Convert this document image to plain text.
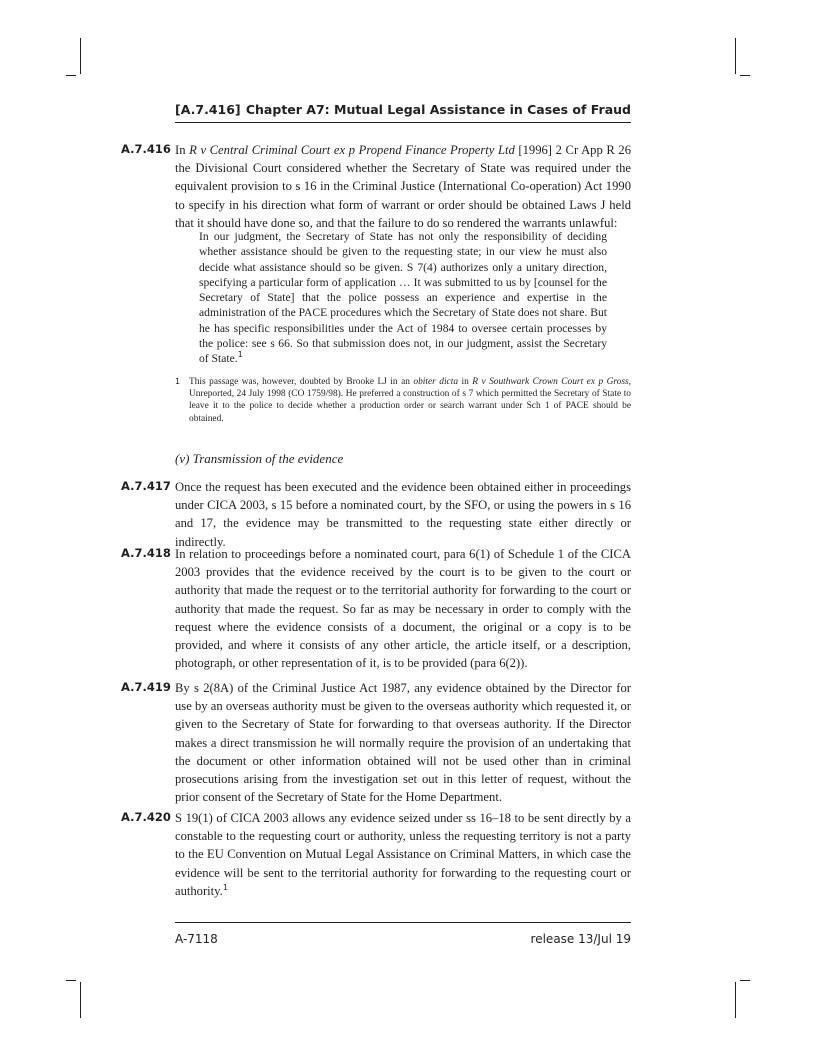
[A.7.416] Chapter A7: Mutual Legal Assistance in Cases of Fraud
A.7.416 In R v Central Criminal Court ex p Propend Finance Property Ltd [1996] 2 Cr App R 26 the Divisional Court considered whether the Secretary of State was required under the equivalent provision to s 16 in the Criminal Justice (International Co-operation) Act 1990 to specify in his direction what form of warrant or order should be obtained Laws J held that it should have done so, and that the failure to do so rendered the warrants unlawful:
In our judgment, the Secretary of State has not only the responsibility of deciding whether assistance should be given to the requesting state; in our view he must also decide what assistance should so be given. S 7(4) authorizes only a unitary direction, specifying a particular form of application … It was submitted to us by [counsel for the Secretary of State] that the police possess an experience and expertise in the administration of the PACE procedures which the Secretary of State does not share. But he has specific responsibilities under the Act of 1984 to oversee certain processes by the police: see s 66. So that submission does not, in our judgment, assist the Secretary of State.$^1$
1 This passage was, however, doubted by Brooke LJ in an obiter dicta in R v Southwark Crown Court ex p Gross, Unreported, 24 July 1998 (CO 1759/98). He preferred a construction of s 7 which permitted the Secretary of State to leave it to the police to decide whether a production order or search warrant under Sch 1 of PACE should be obtained.
(v) Transmission of the evidence
A.7.417 Once the request has been executed and the evidence been obtained either in proceedings under CICA 2003, s 15 before a nominated court, by the SFO, or using the powers in s 16 and 17, the evidence may be transmitted to the requesting state either directly or indirectly.
A.7.418 In relation to proceedings before a nominated court, para 6(1) of Schedule 1 of the CICA 2003 provides that the evidence received by the court is to be given to the court or authority that made the request or to the territorial authority for forwarding to the court or authority that made the request. So far as may be necessary in order to comply with the request where the evidence consists of a document, the original or a copy is to be provided, and where it consists of any other article, the article itself, or a description, photograph, or other representation of it, is to be provided (para 6(2)).
A.7.419 By s 2(8A) of the Criminal Justice Act 1987, any evidence obtained by the Director for use by an overseas authority must be given to the overseas authority which requested it, or given to the Secretary of State for forwarding to that overseas authority. If the Director makes a direct transmission he will normally require the provision of an undertaking that the document or other information obtained will not be used other than in criminal prosecutions arising from the investigation set out in this letter of request, without the prior consent of the Secretary of State for the Home Department.
A.7.420 S 19(1) of CICA 2003 allows any evidence seized under ss 16–18 to be sent directly by a constable to the requesting court or authority, unless the requesting territory is not a party to the EU Convention on Mutual Legal Assistance on Criminal Matters, in which case the evidence will be sent to the territorial authority for forwarding to the requesting court or authority.$^1$
A-7118	release 13/Jul 19
